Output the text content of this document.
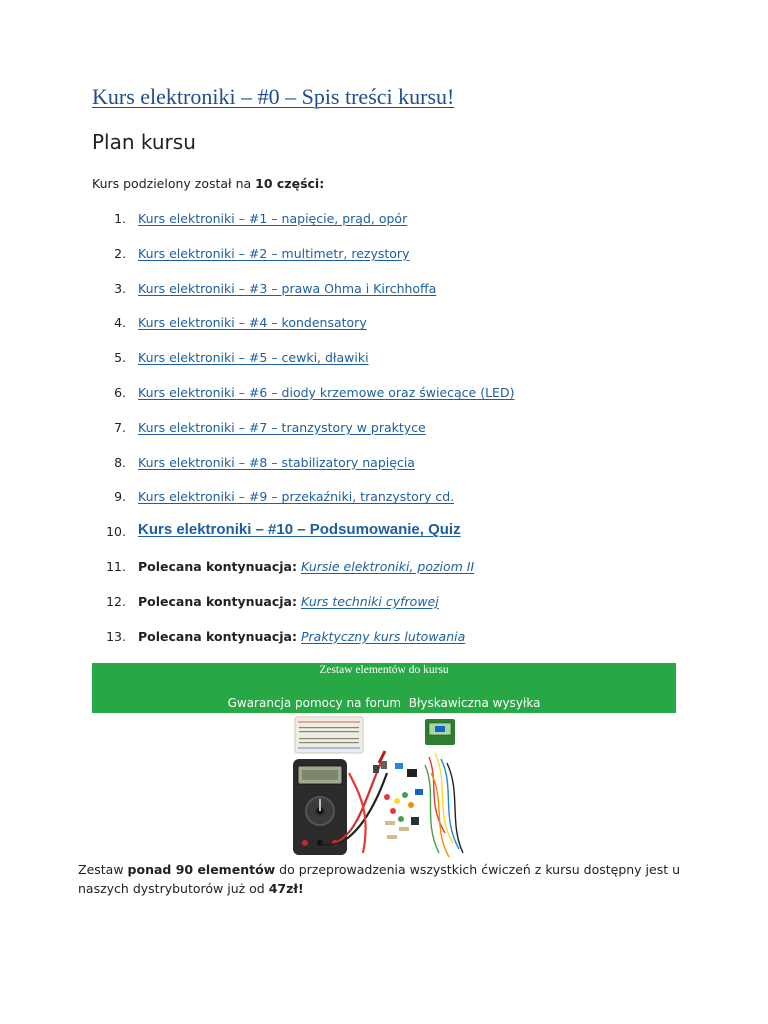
Kurs elektroniki – #0 – Spis treści kursu!
Plan kursu
Kurs podzielony został na 10 części:
1. Kurs elektroniki – #1 – napięcie, prąd, opór
2. Kurs elektroniki – #2 – multimetr, rezystory
3. Kurs elektroniki – #3 – prawa Ohma i Kirchhoffa
4. Kurs elektroniki – #4 – kondensatory
5. Kurs elektroniki – #5 – cewki, dławiki
6. Kurs elektroniki – #6 – diody krzemowe oraz świecące (LED)
7. Kurs elektroniki – #7 – tranzystory w praktyce
8. Kurs elektroniki – #8 – stabilizatory napięcia
9. Kurs elektroniki – #9 – przekaźniki, tranzystory cd.
10. Kurs elektroniki – #10 – Podsumowanie, Quiz
11. Polecana kontynuacja: Kursie elektroniki, poziom II
12. Polecana kontynuacja: Kurs techniki cyfrowej
13. Polecana kontynuacja: Praktyczny kurs lutowania
Zestaw elementów do kursu
Gwarancja pomocy na forum  Błyskawiczna wysyłka
Zestaw ponad 90 elementów do przeprowadzenia wszystkich ćwiczeń z kursu dostępny jest u naszych dystrybutorów już od 47zł!
